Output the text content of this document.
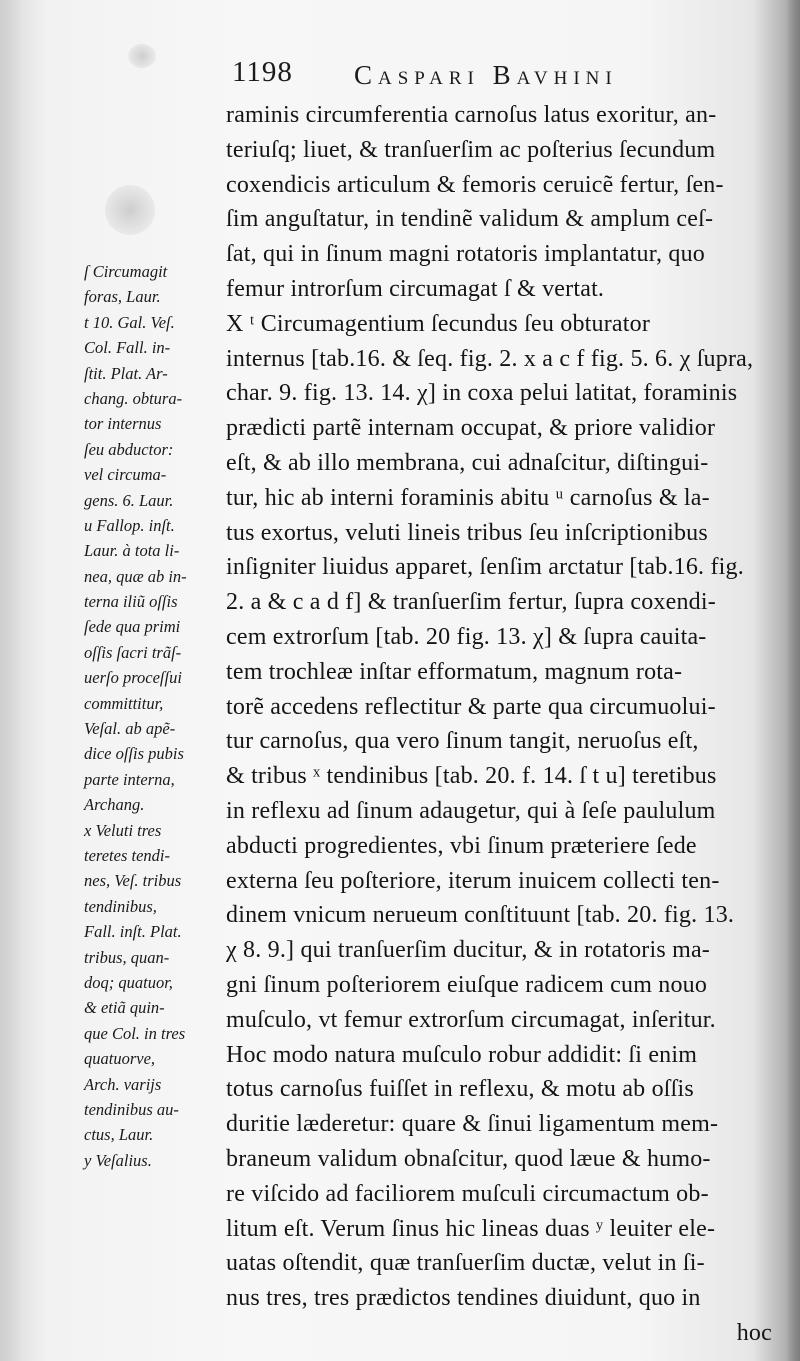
1198 Caspari Bavhini
raminis circumferentia carnoſus latus exoritur, an-
teriuſq; liuet, & tranſuerſim ac poſterius ſecundum
coxendicis articulum & femoris ceruicẽ fertur, ſen-
ſim anguſtatur, in tendinẽ validum & amplum ceſ-
ſat, qui in ſinum magni rotatoris implantatur, quo
femur introrſum circumagat ſ & vertat.
X ᵗ Circumagentium ſecundus ſeu obturator
internus [tab.16. & ſeq. fig. 2. x a c f fig. 5. 6. χ ſupra,
char. 9. fig. 13. 14. χ] in coxa pelui latitat, foraminis
prædicti partẽ internam occupat, & priore validior
eſt, & ab illo membrana, cui adnaſcitur, diſtingui-
tur, hic ab interni foraminis abitu ᵘ carnoſus & la-
tus exortus, veluti lineis tribus ſeu inſcriptionibus
inſigniter liuidus apparet, ſenſim arctatur [tab.16. fig.
2. a & c a d f] & tranſuerſim fertur, ſupra coxendi-
cem extrorſum [tab. 20 fig. 13. χ] & ſupra cauita-
tem trochleæ inſtar efformatum, magnum rota-
torẽ accedens reflectitur & parte qua circumuolui-
tur carnoſus, qua vero ſinum tangit, neruoſus eſt,
& tribus ˣ tendinibus [tab. 20. f. 14. ſ t u] teretibus
in reflexu ad ſinum adaugetur, qui à ſeſe paululum
abducti progredientes, vbi ſinum præteriere ſede
externa ſeu poſteriore, iterum inuicem collecti ten-
dinem vnicum nerueum conſtituunt [tab. 20. fig. 13.
χ 8. 9.] qui tranſuerſim ducitur, & in rotatoris ma-
gni ſinum poſteriorem eiuſque radicem cum nouo
muſculo, vt femur extrorſum circumagat, inſeritur.
Hoc modo natura muſculo robur addidit: ſi enim
totus carnoſus fuiſſet in reflexu, & motu ab oſſis
duritie læderetur: quare & ſinui ligamentum mem-
braneum validum obnaſcitur, quod læue & humo-
re viſcido ad faciliorem muſculi circumactum ob-
litum eſt. Verum ſinus hic lineas duas ʸ leuiter ele-
uatas oſtendit, quæ tranſuerſim ductæ, velut in ſi-
nus tres, tres prædictos tendines diuidunt, quo in
hoc
ſ Circumagit
foras, Laur.
t 10. Gal. Veſ.
Col. Fall. in-
ſtit. Plat. Ar-
chang. obtura-
tor internus
ſeu abductor:
vel circuma-
gens. 6. Laur.
u Fallop. inſt.
Laur. à tota li-
nea, quæ ab in-
terna iliũ oſſis
ſede qua primi
oſſis ſacri trãſ-
uerſo proceſſui
committitur,
Veſal. ab apẽ-
dice oſſis pubis
parte interna,
Archang.
x Veluti tres
teretes tendi-
nes, Veſ. tribus
tendinibus,
Fall. inſt. Plat.
tribus, quan-
doq; quatuor,
& etiã quin-
que Col. in tres
quatuorve,
Arch. varijs
tendinibus au-
ctus, Laur.
y Veſalius.
